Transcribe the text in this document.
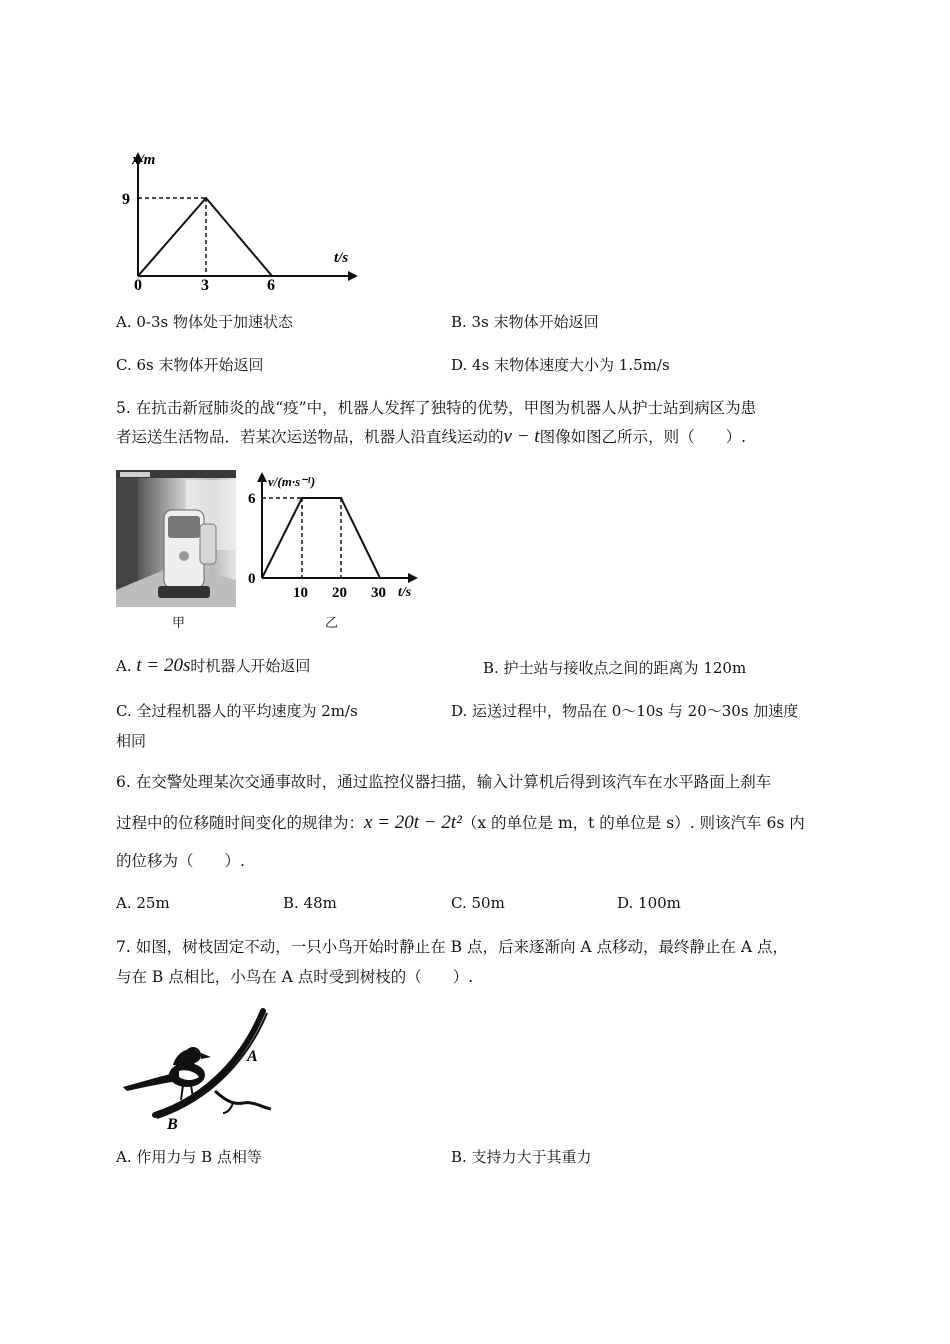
x/m
t/s
9
0	3	6
A. 0-3s 物体处于加速状态	B. 3s 末物体开始返回
C. 6s 末物体开始返回	D. 4s 末物体速度大小为 1.5m/s
5. 在抗击新冠肺炎的战“疫”中，机器人发挥了独特的优势，甲图为机器人从护士站到病区为患
者运送生活物品．若某次运送物品，机器人沿直线运动的v − t图像如图乙所示，则（　　）.
甲
v/(m·s⁻¹)
t/s
6
0
10 20 30
乙
A. t = 20s时机器人开始返回	B. 护士站与接收点之间的距离为 120m
C. 全过程机器人的平均速度为 2m/s	D. 运送过程中，物品在 0～10s 与 20～30s 加速度
相同
6. 在交警处理某次交通事故时，通过监控仪器扫描，输入计算机后得到该汽车在水平路面上刹车
过程中的位移随时间变化的规律为：x = 20t − 2t²（x 的单位是 m，t 的单位是 s）. 则该汽车 6s 内
的位移为（　　）.
A. 25m	B. 48m	C. 50m	D. 100m
7. 如图，树枝固定不动，一只小鸟开始时静止在 B 点，后来逐渐向 A 点移动，最终静止在 A 点，
与在 B 点相比，小鸟在 A 点时受到树枝的（　　）.
A
B
A. 作用力与 B 点相等	B. 支持力大于其重力
